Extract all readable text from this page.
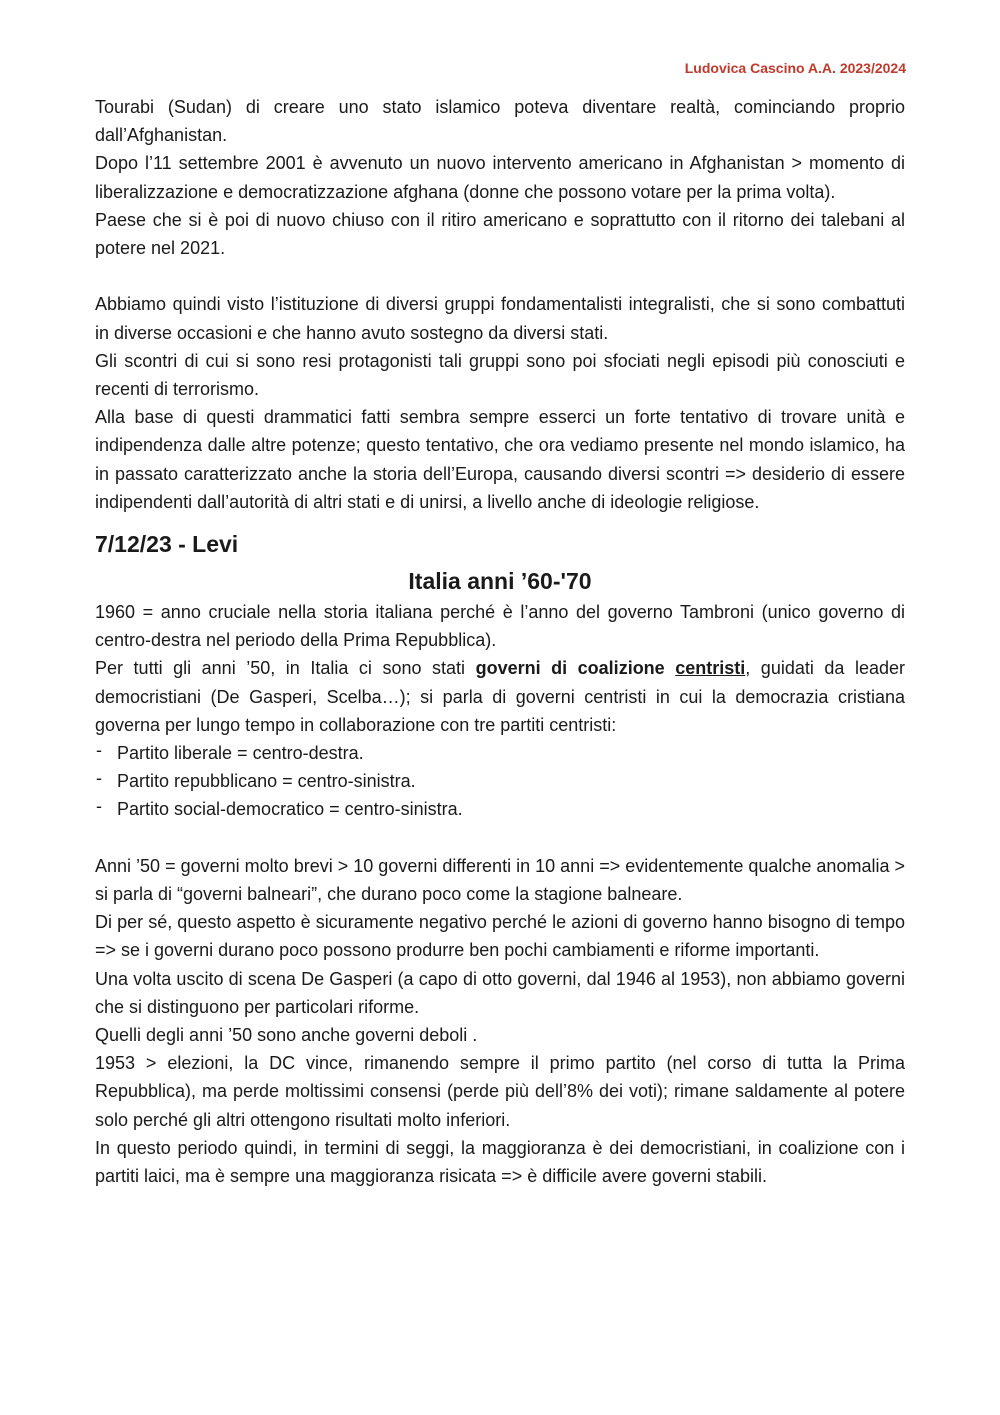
Ludovica Cascino A.A. 2023/2024

Tourabi (Sudan) di creare uno stato islamico poteva diventare realtà, cominciando proprio dall’Afghanistan.

Dopo l’11 settembre 2001 è avvenuto un nuovo intervento americano in Afghanistan > momento di liberalizzazione e democratizzazione afghana (donne che possono votare per la prima volta).

Paese che si è poi di nuovo chiuso con il ritiro americano e soprattutto con il ritorno dei talebani al potere nel 2021.

Abbiamo quindi visto l’istituzione di diversi gruppi fondamentalisti integralisti, che si sono combattuti in diverse occasioni e che hanno avuto sostegno da diversi stati.

Gli scontri di cui si sono resi protagonisti tali gruppi sono poi sfociati negli episodi più conosciuti e recenti di terrorismo.

Alla base di questi drammatici fatti sembra sempre esserci un forte tentativo di trovare unità e indipendenza dalle altre potenze; questo tentativo, che ora vediamo presente nel mondo islamico, ha in passato caratterizzato anche la storia dell’Europa, causando diversi scontri => desiderio di essere indipendenti dall’autorità di altri stati e di unirsi, a livello anche di ideologie religiose.

7/12/23 - Levi
Italia anni ’60-'70

1960 = anno cruciale nella storia italiana perché è l’anno del governo Tambroni (unico governo di centro-destra nel periodo della Prima Repubblica).

Per tutti gli anni ’50, in Italia ci sono stati governi di coalizione centristi, guidati da leader democristiani (De Gasperi, Scelba…); si parla di governi centristi in cui la democrazia cristiana governa per lungo tempo in collaborazione con tre partiti centristi:

- Partito liberale = centro-destra.
- Partito repubblicano = centro-sinistra.
- Partito social-democratico = centro-sinistra.

Anni ’50 = governi molto brevi > 10 governi differenti in 10 anni => evidentemente qualche anomalia > si parla di “governi balneari”, che durano poco come la stagione balneare.

Di per sé, questo aspetto è sicuramente negativo perché le azioni di governo hanno bisogno di tempo => se i governi durano poco possono produrre ben pochi cambiamenti e riforme importanti.

Una volta uscito di scena De Gasperi (a capo di otto governi, dal 1946 al 1953), non abbiamo governi che si distinguono per particolari riforme.

Quelli degli anni ’50 sono anche governi deboli .

1953 > elezioni, la DC vince, rimanendo sempre il primo partito (nel corso di tutta la Prima Repubblica), ma perde moltissimi consensi (perde più dell’8% dei voti); rimane saldamente al potere solo perché gli altri ottengono risultati molto inferiori.

In questo periodo quindi, in termini di seggi, la maggioranza è dei democristiani, in coalizione con i partiti laici, ma è sempre una maggioranza risicata => è difficile avere governi stabili.
